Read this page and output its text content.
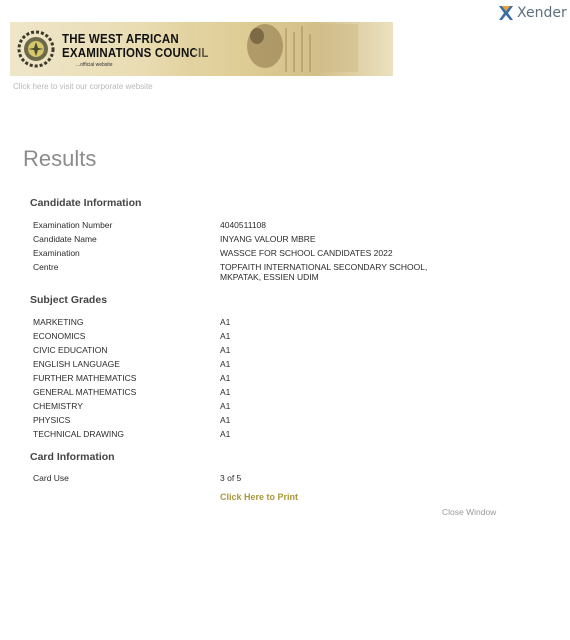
Xender
THE WEST AFRICAN
EXAMINATIONS COUNCIL
...official website
Click here to visit our corporate website
Results
Candidate Information
Examination Number	4040511108
Candidate Name	INYANG VALOUR MBRE
Examination	WASSCE FOR SCHOOL CANDIDATES 2022
Centre	TOPFAITH INTERNATIONAL SECONDARY SCHOOL,
MKPATAK, ESSIEN UDIM
Subject Grades
MARKETING	A1
ECONOMICS	A1
CIVIC EDUCATION	A1
ENGLISH LANGUAGE	A1
FURTHER MATHEMATICS	A1
GENERAL MATHEMATICS	A1
CHEMISTRY	A1
PHYSICS	A1
TECHNICAL DRAWING	A1
Card Information
Card Use	3 of 5
Click Here to Print
Close Window
